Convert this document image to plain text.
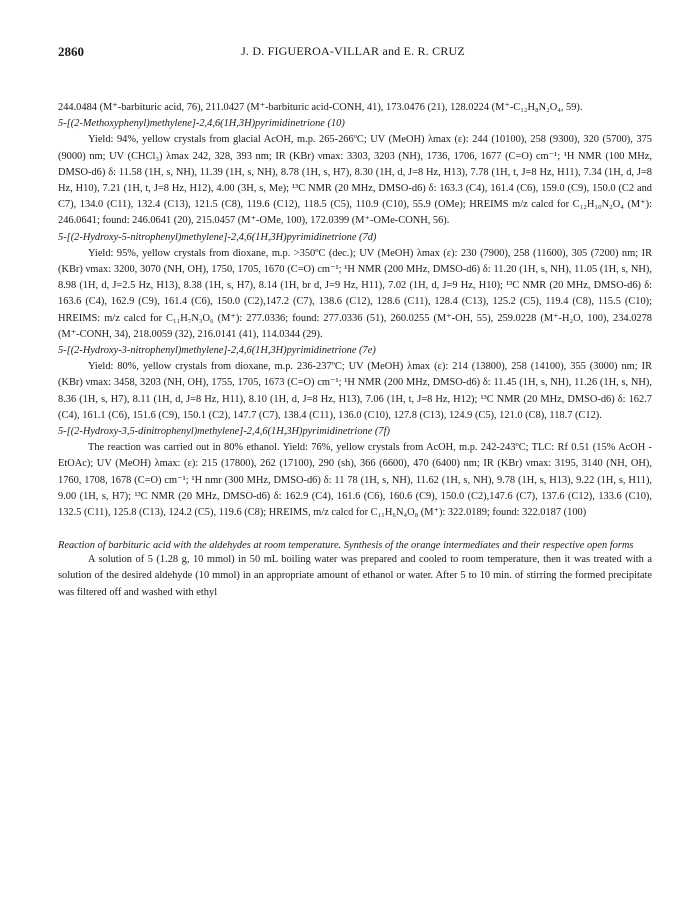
2860	J. D. FIGUEROA-VILLAR and E. R. CRUZ

244.0484 (M⁺-barbituric acid, 76), 211.0427 (M⁺-barbituric acid-CONH, 41), 173.0476 (21), 128.0224 (M⁺-C₁₂H₈N₂O₄, 59).

5-[(2-Methoxyphenyl)methylene]-2,4,6(1H,3H)pyrimidinetrione (10)

Yield: 94%, yellow crystals from glacial AcOH, m.p. 265-266ºC; UV (MeOH) λmax (ε): 244 (10100), 258 (9300), 320 (5700), 375 (9000) nm; UV (CHCl₃) λmax 242, 328, 393 nm; IR (KBr) νmax: 3303, 3203 (NH), 1736, 1706, 1677 (C=O) cm⁻¹; ¹H NMR (100 MHz, DMSO-d6) δ: 11.58 (1H, s, NH), 11.39 (1H, s, NH), 8.78 (1H, s, H7), 8.30 (1H, d, J=8 Hz, H13), 7.78 (1H, t, J=8 Hz, H11), 7.34 (1H, d, J=8 Hz, H10), 7.21 (1H, t, J=8 Hz, H12), 4.00 (3H, s, Me); ¹³C NMR (20 MHz, DMSO-d6) δ: 163.3 (C4), 161.4 (C6), 159.0 (C9), 150.0 (C2 and C7), 134.0 (C11), 132.4 (C13), 121.5 (C8), 119.6 (C12), 118.5 (C5), 110.9 (C10), 55.9 (OMe); HREIMS m/z calcd for C₁₂H₁₀N₂O₄ (M⁺): 246.0641; found: 246.0641 (20), 215.0457 (M⁺-OMe, 100), 172.0399 (M⁺-OMe-CONH, 56).

5-[(2-Hydroxy-5-nitrophenyl)methylene]-2,4,6(1H,3H)pyrimidinetrione (7d)

Yield: 95%, yellow crystals from dioxane, m.p. >350ºC (dec.); UV (MeOH) λmax (ε): 230 (7900), 258 (11600), 305 (7200) nm; IR (KBr) νmax: 3200, 3070 (NH, OH), 1750, 1705, 1670 (C=O) cm⁻¹; ¹H NMR (200 MHz, DMSO-d6) δ: 11.20 (1H, s, NH), 11.05 (1H, s, NH), 8.98 (1H, d, J=2.5 Hz, H13), 8.38 (1H, s, H7), 8.14 (1H, br d, J=9 Hz, H11), 7.02 (1H, d, J=9 Hz, H10); ¹³C NMR (20 MHz, DMSO-d6) δ: 163.6 (C4), 162.9 (C9), 161.4 (C6), 150.0 (C2),147.2 (C7), 138.6 (C12), 128.6 (C11), 128.4 (C13), 125.2 (C5), 119.4 (C8), 115.5 (C10); HREIMS: m/z calcd for C₁₁H₇N₃O₆ (M⁺): 277.0336; found: 277.0336 (51), 260.0255 (M⁺-OH, 55), 259.0228 (M⁺-H₂O, 100), 234.0278 (M⁺-CONH, 34), 218.0059 (32), 216.0141 (41), 114.0344 (29).

5-[(2-Hydroxy-3-nitrophenyl)methylene]-2,4,6(1H,3H)pyrimidinetrione (7e)

Yield: 80%, yellow crystals from dioxane, m.p. 236-237ºC; UV (MeOH) λmax (ε): 214 (13800), 258 (14100), 355 (3000) nm; IR (KBr) νmax: 3458, 3203 (NH, OH), 1755, 1705, 1673 (C=O) cm⁻¹; ¹H NMR (200 MHz, DMSO-d6) δ: 11.45 (1H, s, NH), 11.26 (1H, s, NH), 8.36 (1H, s, H7), 8.11 (1H, d, J=8 Hz, H11), 8.10 (1H, d, J=8 Hz, H13), 7.06 (1H, t, J=8 Hz, H12); ¹³C NMR (20 MHz, DMSO-d6) δ: 162.7 (C4), 161.1 (C6), 151.6 (C9), 150.1 (C2), 147.7 (C7), 138.4 (C11), 136.0 (C10), 127.8 (C13), 124.9 (C5), 121.0 (C8), 118.7 (C12).

5-[(2-Hydroxy-3,5-dinitrophenyl)methylene]-2,4,6(1H,3H)pyrimidinetrione (7f)

The reaction was carried out in 80% ethanol. Yield: 76%, yellow crystals from AcOH, m.p. 242-243ºC; TLC: Rf 0.51 (15% AcOH - EtOAc); UV (MeOH) λmax: (ε): 215 (17800), 262 (17100), 290 (sh), 366 (6600), 470 (6400) nm; IR (KBr) νmax: 3195, 3140 (NH, OH), 1760, 1708, 1678 (C=O) cm⁻¹; ¹H nmr (300 MHz, DMSO-d6) δ: 11 78 (1H, s, NH), 11.62 (1H, s, NH), 9.78 (1H, s, H13), 9.22 (1H, s, H11), 9.00 (1H, s, H7); ¹³C NMR (20 MHz, DMSO-d6) δ: 162.9 (C4), 161.6 (C6), 160.6 (C9), 150.0 (C2),147.6 (C7), 137.6 (C12), 133.6 (C10), 132.5 (C11), 125.8 (C13), 124.2 (C5), 119.6 (C8); HREIMS, m/z calcd for C₁₁H₆N₄O₈ (M⁺): 322.0189; found: 322.0187 (100)

Reaction of barbituric acid with the aldehydes at room temperature. Synthesis of the orange intermediates and their respective open forms

A solution of 5 (1.28 g, 10 mmol) in 50 mL boiling water was prepared and cooled to room temperature, then it was treated with a solution of the desired aldehyde (10 mmol) in an appropriate amount of ethanol or water. After 5 to 10 min. of stirring the formed precipitate was filtered off and washed with ethyl
